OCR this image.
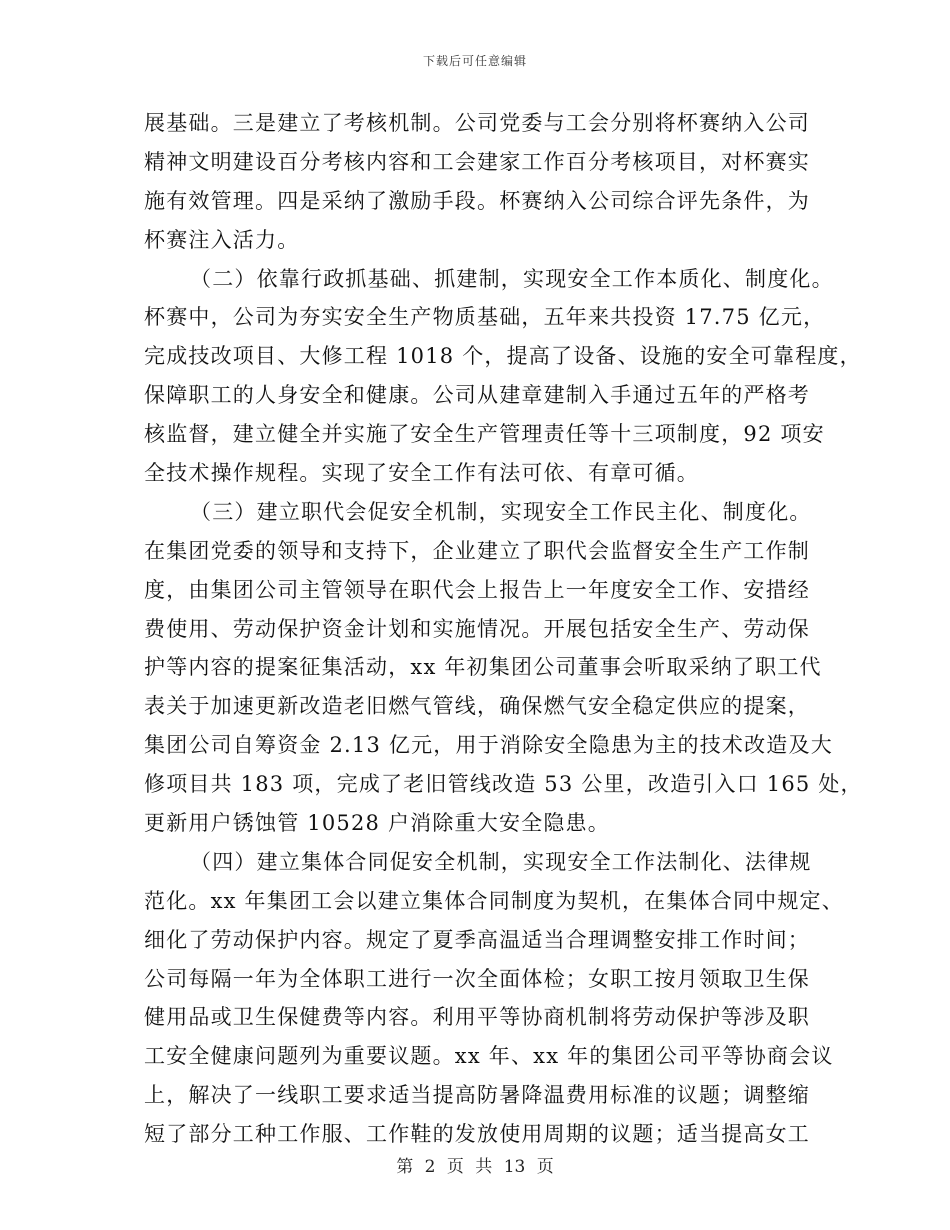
下载后可任意编辑
展基础。三是建立了考核机制。公司党委与工会分别将杯赛纳入公司
精神文明建设百分考核内容和工会建家工作百分考核项目，对杯赛实
施有效管理。四是采纳了激励手段。杯赛纳入公司综合评先条件，为
杯赛注入活力。
（二）依靠行政抓基础、抓建制，实现安全工作本质化、制度化。
杯赛中，公司为夯实安全生产物质基础，五年来共投资 17.75 亿元，
完成技改项目、大修工程 1018 个，提高了设备、设施的安全可靠程度，
保障职工的人身安全和健康。公司从建章建制入手通过五年的严格考
核监督，建立健全并实施了安全生产管理责任等十三项制度，92 项安
全技术操作规程。实现了安全工作有法可依、有章可循。
（三）建立职代会促安全机制，实现安全工作民主化、制度化。
在集团党委的领导和支持下，企业建立了职代会监督安全生产工作制
度，由集团公司主管领导在职代会上报告上一年度安全工作、安措经
费使用、劳动保护资金计划和实施情况。开展包括安全生产、劳动保
护等内容的提案征集活动，xx 年初集团公司董事会听取采纳了职工代
表关于加速更新改造老旧燃气管线，确保燃气安全稳定供应的提案，
集团公司自筹资金 2.13 亿元，用于消除安全隐患为主的技术改造及大
修项目共 183 项，完成了老旧管线改造 53 公里，改造引入口 165 处，
更新用户锈蚀管 10528 户消除重大安全隐患。
（四）建立集体合同促安全机制，实现安全工作法制化、法律规
范化。xx 年集团工会以建立集体合同制度为契机，在集体合同中规定、
细化了劳动保护内容。规定了夏季高温适当合理调整安排工作时间；
公司每隔一年为全体职工进行一次全面体检；女职工按月领取卫生保
健用品或卫生保健费等内容。利用平等协商机制将劳动保护等涉及职
工安全健康问题列为重要议题。xx 年、xx 年的集团公司平等协商会议
上，解决了一线职工要求适当提高防暑降温费用标准的议题；调整缩
短了部分工种工作服、工作鞋的发放使用周期的议题；适当提高女工
第 2 页 共 13 页
